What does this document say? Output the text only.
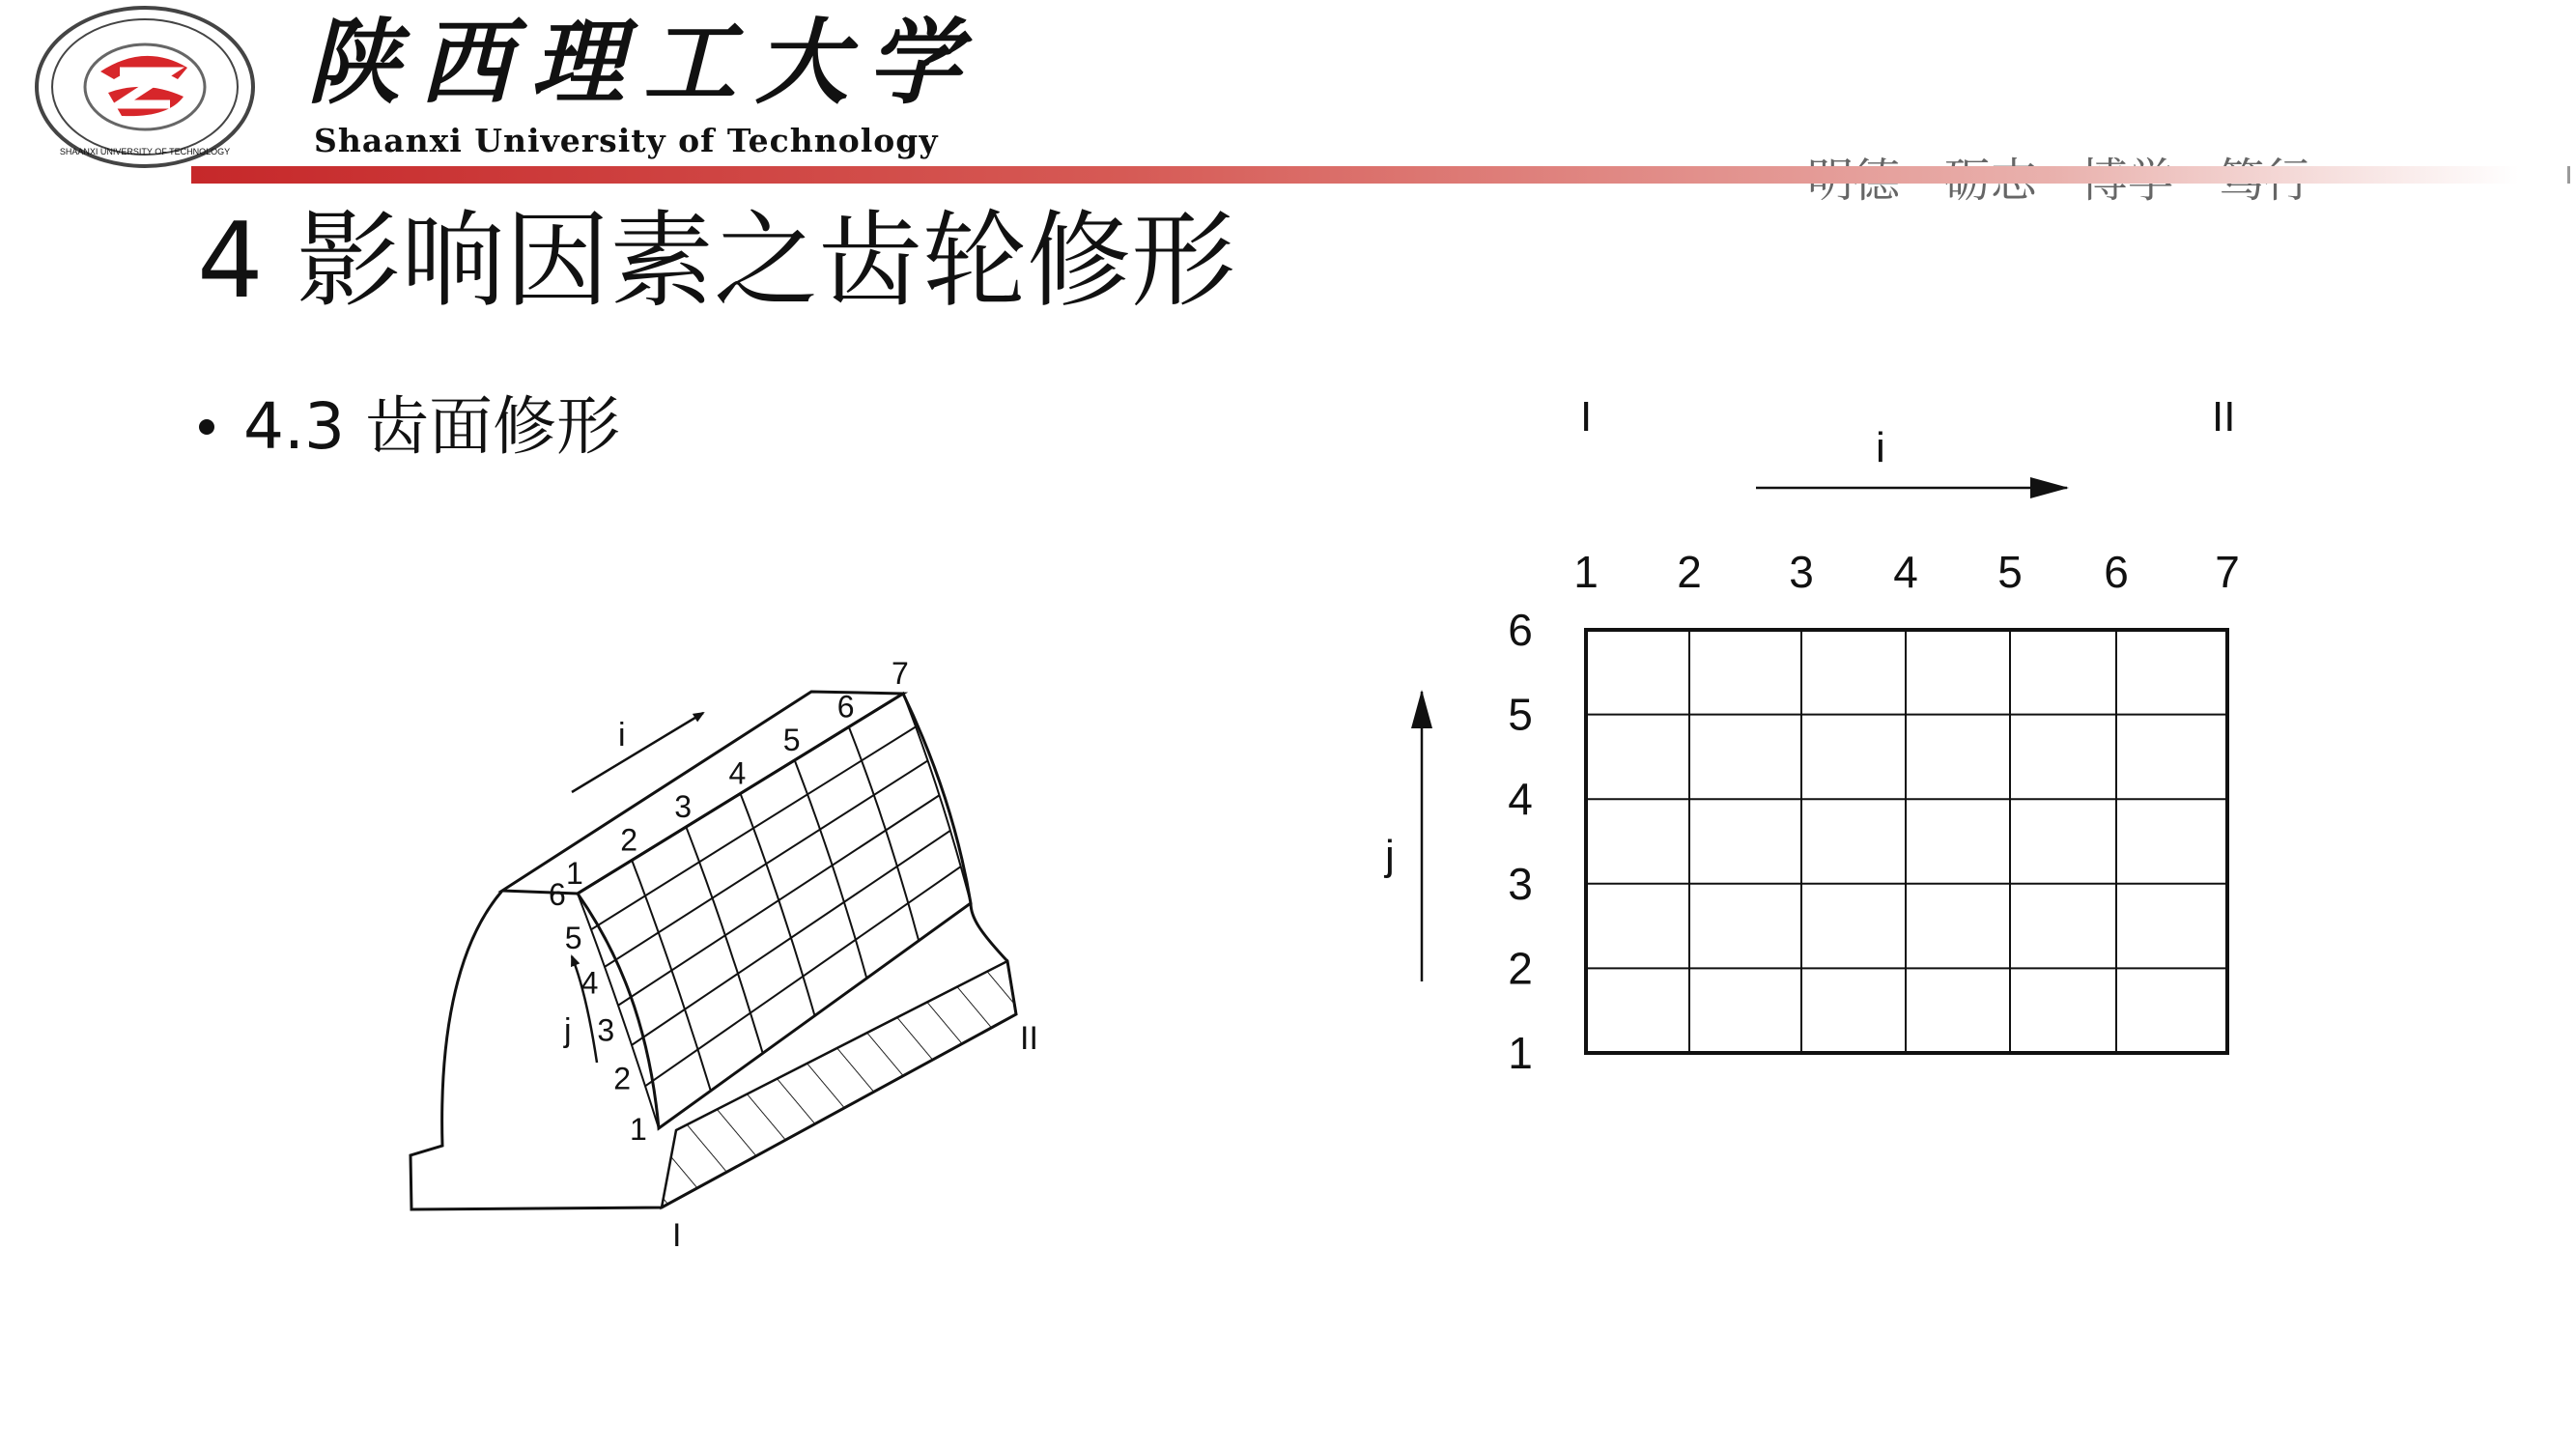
SHAANXI UNIVERSITY OF TECHNOLOGY
陕西理工大学
Shaanxi University of Technology

4 影响因素之齿轮修形
4.3 齿面修形
i
j
1
2
3
4
5
6
7
1
2
3
4
5
6
I
II
I	II
i
j
1 2 3 4 5 6 7
1
2
3
4
5
6
